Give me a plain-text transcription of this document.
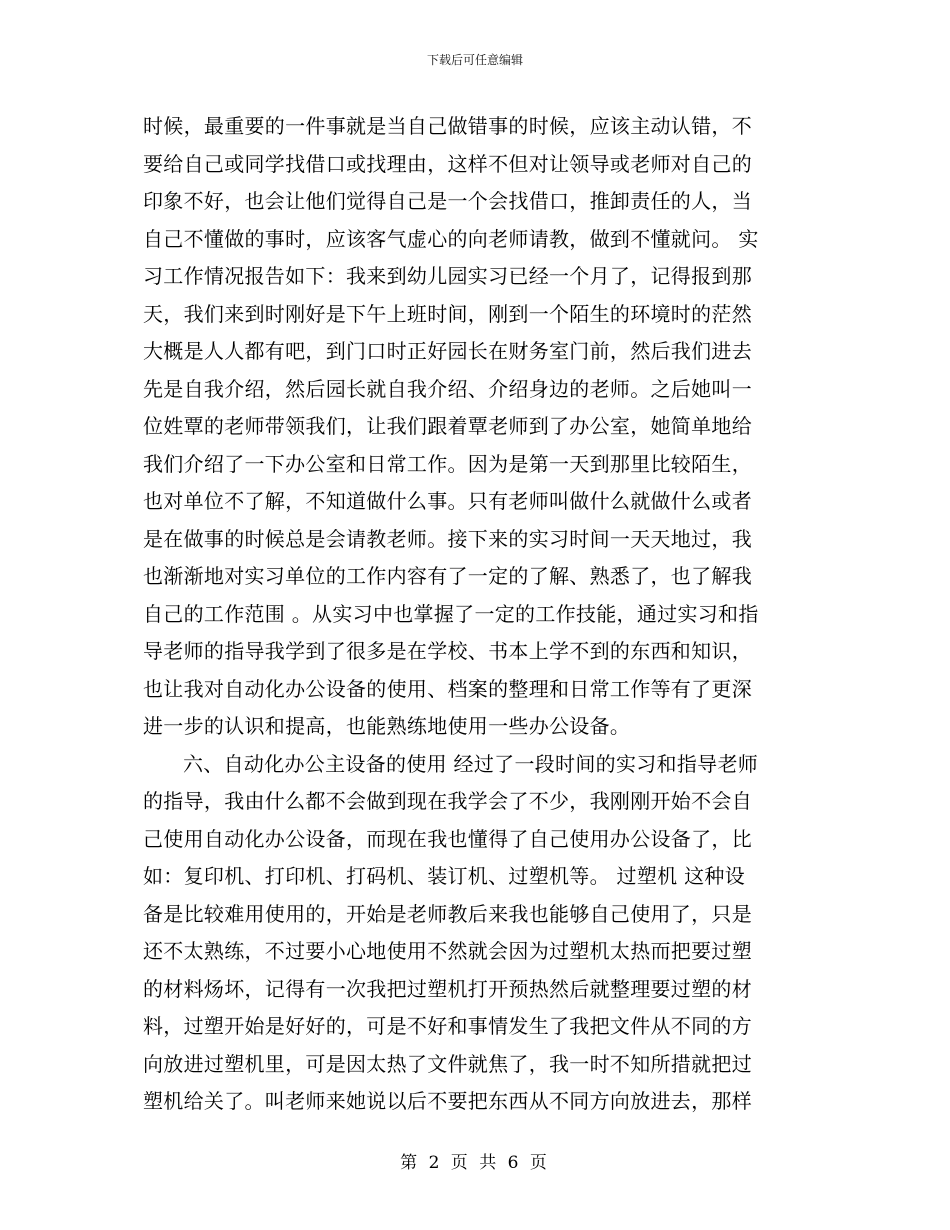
下载后可任意编辑
时候，最重要的一件事就是当自己做错事的时候，应该主动认错，不
要给自己或同学找借口或找理由，这样不但对让领导或老师对自己的
印象不好，也会让他们觉得自己是一个会找借口，推卸责任的人，当
自己不懂做的事时，应该客气虚心的向老师请教，做到不懂就问。 实
习工作情况报告如下：我来到幼儿园实习已经一个月了，记得报到那
天，我们来到时刚好是下午上班时间，刚到一个陌生的环境时的茫然
大概是人人都有吧，到门口时正好园长在财务室门前，然后我们进去
先是自我介绍，然后园长就自我介绍、介绍身边的老师。之后她叫一
位姓覃的老师带领我们，让我们跟着覃老师到了办公室，她简单地给
我们介绍了一下办公室和日常工作。因为是第一天到那里比较陌生，
也对单位不了解，不知道做什么事。只有老师叫做什么就做什么或者
是在做事的时候总是会请教老师。接下来的实习时间一天天地过，我
也渐渐地对实习单位的工作内容有了一定的了解、熟悉了，也了解我
自己的工作范围 。从实习中也掌握了一定的工作技能，通过实习和指
导老师的指导我学到了很多是在学校、书本上学不到的东西和知识，
也让我对自动化办公设备的使用、档案的整理和日常工作等有了更深
进一步的认识和提高，也能熟练地使用一些办公设备。
六、自动化办公主设备的使用 经过了一段时间的实习和指导老师
的指导，我由什么都不会做到现在我学会了不少，我刚刚开始不会自
己使用自动化办公设备，而现在我也懂得了自己使用办公设备了，比
如：复印机、打印机、打码机、装订机、过塑机等。 过塑机 这种设
备是比较难用使用的，开始是老师教后来我也能够自己使用了，只是
还不太熟练，不过要小心地使用不然就会因为过塑机太热而把要过塑
的材料炀坏，记得有一次我把过塑机打开预热然后就整理要过塑的材
料，过塑开始是好好的，可是不好和事情发生了我把文件从不同的方
向放进过塑机里，可是因太热了文件就焦了，我一时不知所措就把过
塑机给关了。叫老师来她说以后不要把东西从不同方向放进去，那样
第 2 页 共 6 页
